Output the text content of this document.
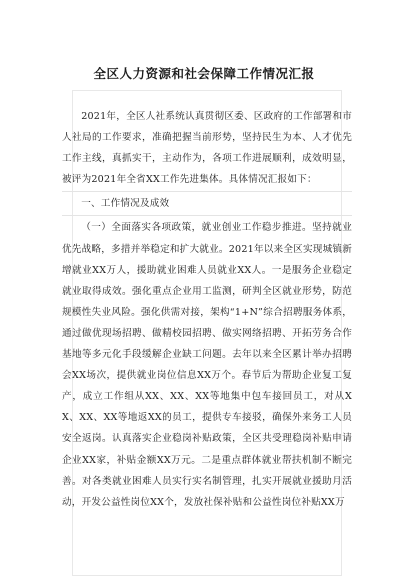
全区人力资源和社会保障工作情况汇报

2021年，全区人社系统认真贯彻区委、区政府的工作部署和市人社局的工作要求，准确把握当前形势，坚持民生为本、人才优先工作主线，真抓实干，主动作为，各项工作进展顺利，成效明显，被评为2021年全省XX工作先进集体。具体情况汇报如下：

一、工作情况及成效

（一）全面落实各项政策，就业创业工作稳步推进。坚持就业优先战略，多措并举稳定和扩大就业。2021年以来全区实现城镇新增就业XX万人，援助就业困难人员就业XX人。一是服务企业稳定就业取得成效。强化重点企业用工监测，研判全区就业形势，防范规模性失业风险。强化供需对接，架构“1+N”综合招聘服务体系，通过做优现场招聘、做精校园招聘、做实网络招聘、开拓劳务合作基地等多元化手段缓解企业缺工问题。去年以来全区累计举办招聘会XX场次，提供就业岗位信息XX万个。春节后为帮助企业复工复产，成立工作组从XX、XX、XX等地集中包车接回员工，对从XX、XX、XX等地返XX的员工，提供专车接驳，确保外来务工人员安全返岗。认真落实企业稳岗补贴政策，全区共受理稳岗补贴申请企业XX家，补贴金额XX万元。二是重点群体就业帮扶机制不断完善。对各类就业困难人员实行实名制管理，扎实开展就业援助月活动，开发公益性岗位XX个，发放社保补贴和公益性岗位补贴XX万
